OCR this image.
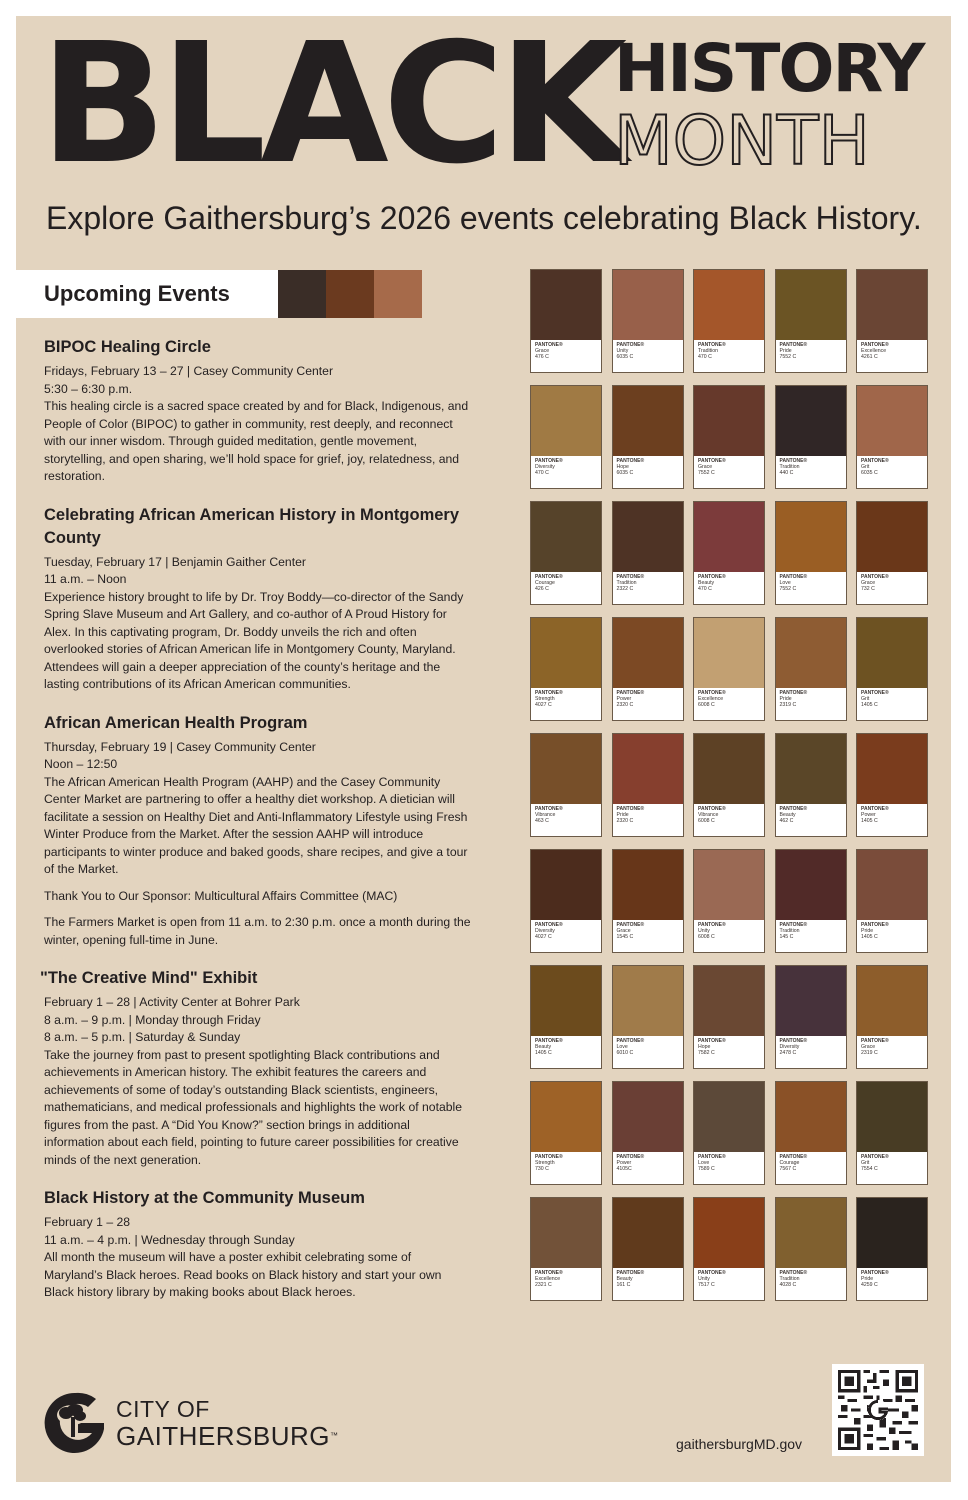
BLACK
HISTORY
MONTH
Explore Gaithersburg’s 2026 events celebrating Black History.
Upcoming Events
BIPOC Healing Circle
Fridays, February 13 – 27 | Casey Community Center
5:30 – 6:30 p.m.
This healing circle is a sacred space created by and for Black, Indigenous, and People of Color (BIPOC) to gather in community, rest deeply, and reconnect with our inner wisdom. Through guided meditation, gentle movement, storytelling, and open sharing, we’ll hold space for grief, joy, relatedness, and restoration.
Celebrating African American History in Montgomery County
Tuesday, February 17 | Benjamin Gaither Center
11 a.m. – Noon
Experience history brought to life by Dr. Troy Boddy—co-director of the Sandy Spring Slave Museum and Art Gallery, and co-author of A Proud History for Alex. In this captivating program, Dr. Boddy unveils the rich and often overlooked stories of African American life in Montgomery County, Maryland. Attendees will gain a deeper appreciation of the county’s heritage and the lasting contributions of its African American communities.
African American Health Program
Thursday, February 19 | Casey Community Center
Noon – 12:50
The African American Health Program (AAHP) and the Casey Community Center Market are partnering to offer a healthy diet workshop. A dietician will facilitate a session on Healthy Diet and Anti-Inflammatory Lifestyle using Fresh Winter Produce from the Market. After the session AAHP will introduce participants to winter produce and baked goods, share recipes, and give a tour of the Market.
Thank You to Our Sponsor: Multicultural Affairs Committee (MAC)
The Farmers Market is open from 11 a.m. to 2:30 p.m. once a month during the winter, opening full-time in June.
"The Creative Mind" Exhibit
February 1 – 28 | Activity Center at Bohrer Park
8 a.m. – 9 p.m. | Monday through Friday
8 a.m. – 5 p.m. | Saturday & Sunday
Take the journey from past to present spotlighting Black contributions and achievements in American history. The exhibit features the careers and achievements of some of today’s outstanding Black scientists, engineers, mathematicians, and medical professionals and highlights the work of notable figures from the past. A “Did You Know?” section brings in additional information about each field, pointing to future career possibilities for creative minds of the next generation.
Black History at the Community Museum
February 1 – 28
11 a.m. – 4 p.m. | Wednesday through Sunday
All month the museum will have a poster exhibit celebrating some of Maryland’s Black heroes. Read books on Black history and start your own Black history library by making books about Black heroes.
PANTONE®
Grace
476 C
PANTONE®
Unity
6035 C
PANTONE®
Tradition
470 C
PANTONE®
Pride
7552 C
PANTONE®
Excellence
4261 C
PANTONE®
Diversity
470 C
PANTONE®
Hope
6035 C
PANTONE®
Grace
7552 C
PANTONE®
Tradition
440 C
PANTONE®
Grit
6035 C
PANTONE®
Courage
426 C
PANTONE®
Tradition
2322 C
PANTONE®
Beauty
470 C
PANTONE®
Love
7552 C
PANTONE®
Grace
732 C
PANTONE®
Strength
4027 C
PANTONE®
Power
2320 C
PANTONE®
Excellence
6008 C
PANTONE®
Pride
2319 C
PANTONE®
Grit
1405 C
PANTONE®
Vibrance
463 C
PANTONE®
Pride
2320 C
PANTONE®
Vibrance
6008 C
PANTONE®
Beauty
462 C
PANTONE®
Power
1405 C
PANTONE®
Diversity
4027 C
PANTONE®
Grace
1545 C
PANTONE®
Unity
6008 C
PANTONE®
Tradition
145 C
PANTONE®
Pride
1405 C
PANTONE®
Beauty
1405 C
PANTONE®
Love
6010 C
PANTONE®
Hope
7582 C
PANTONE®
Diversity
2478 C
PANTONE®
Grace
2319 C
PANTONE®
Strength
730 C
PANTONE®
Power
4105C
PANTONE®
Love
7589 C
PANTONE®
Courage
7567 C
PANTONE®
Grit
7554 C
PANTONE®
Excellence
2321 C
PANTONE®
Beauty
161 C
PANTONE®
Unity
7517 C
PANTONE®
Tradition
4028 C
PANTONE®
Pride
4259 C
CITY OF
GAITHERSBURG™
gaithersburgMD.gov
